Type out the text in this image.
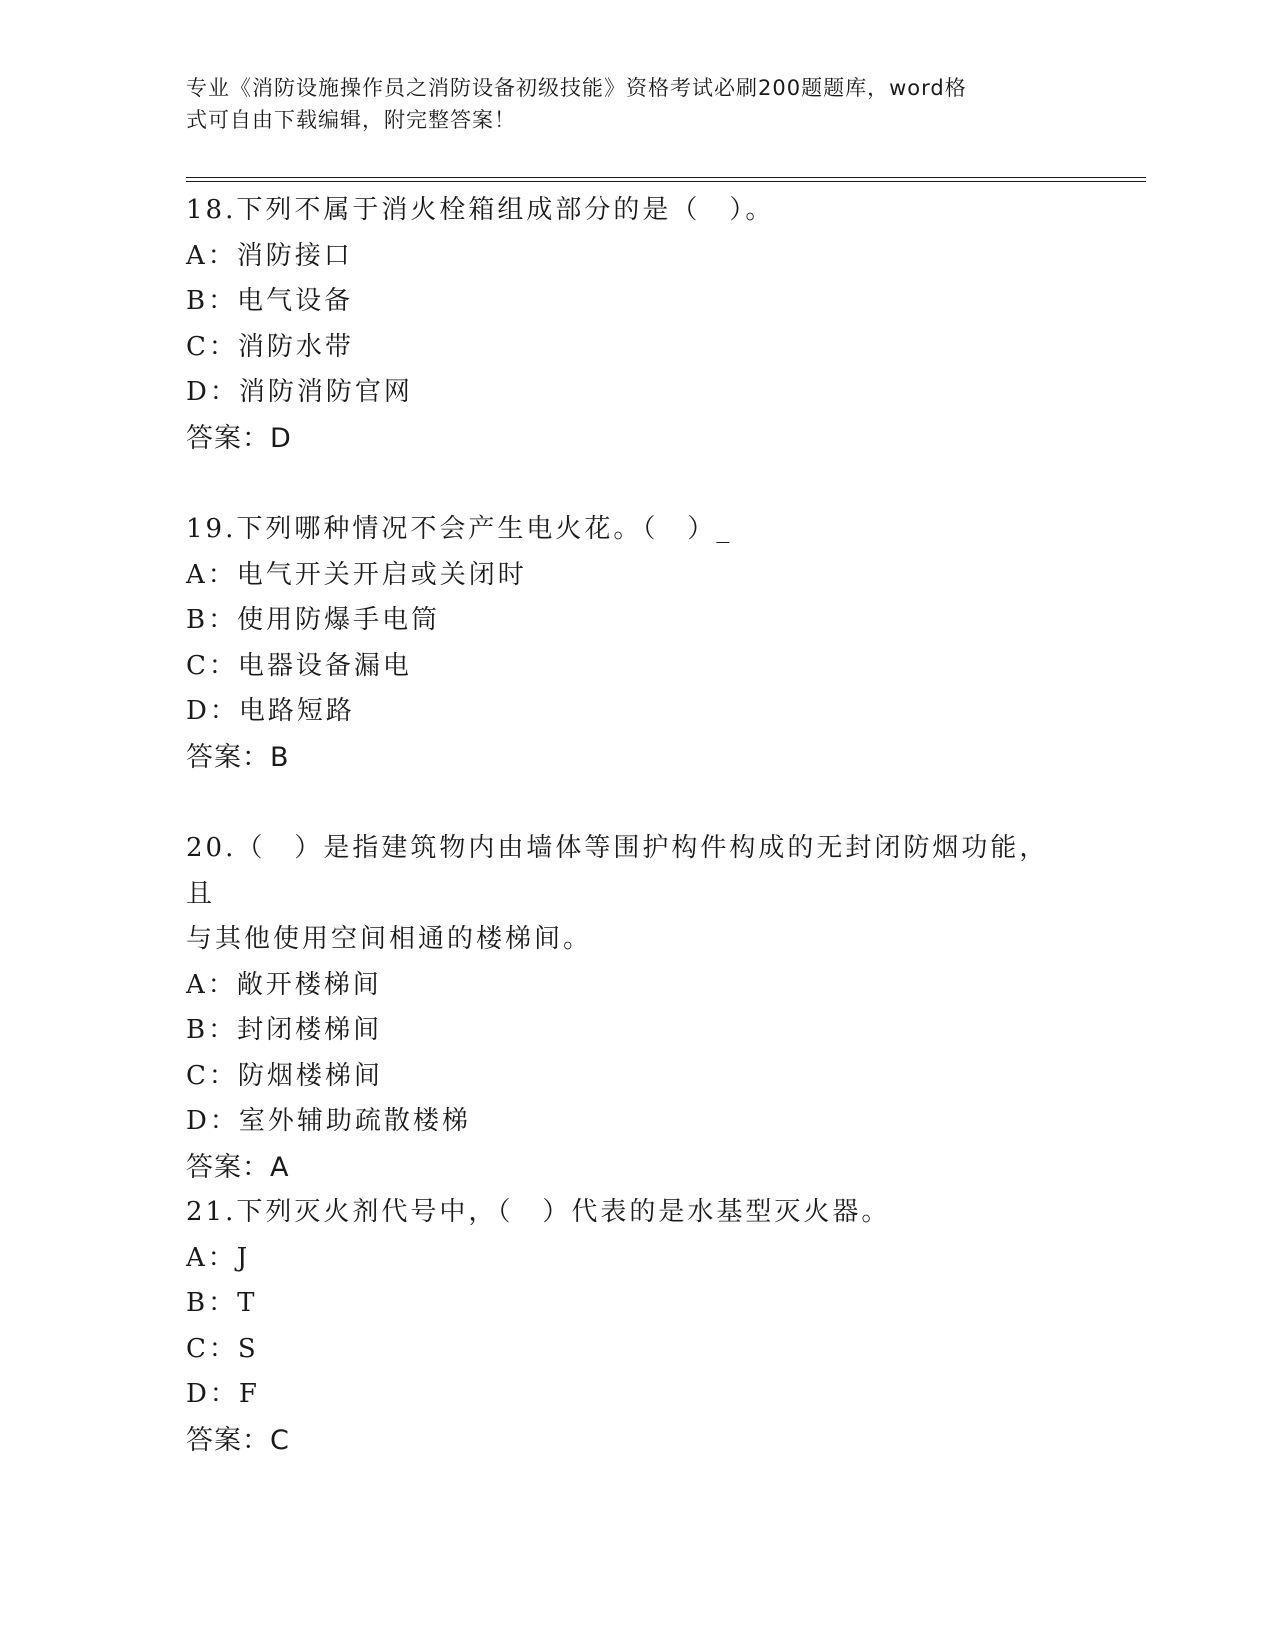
专业《消防设施操作员之消防设备初级技能》资格考试必刷200题题库，word格
式可自由下载编辑，附完整答案！
18.下列不属于消火栓箱组成部分的是（　）。
A：消防接口
B：电气设备
C：消防水带
D：消防消防官网
答案：D
19.下列哪种情况不会产生电火花。（　）_
A：电气开关开启或关闭时
B：使用防爆手电筒
C：电器设备漏电
D：电路短路
答案：B
20.（　）是指建筑物内由墙体等围护构件构成的无封闭防烟功能，且
与其他使用空间相通的楼梯间。
A：敞开楼梯间
B：封闭楼梯间
C：防烟楼梯间
D：室外辅助疏散楼梯
答案：A
21.下列灭火剂代号中，（　）代表的是水基型灭火器。
A：J
B：T
C：S
D：F
答案：C
